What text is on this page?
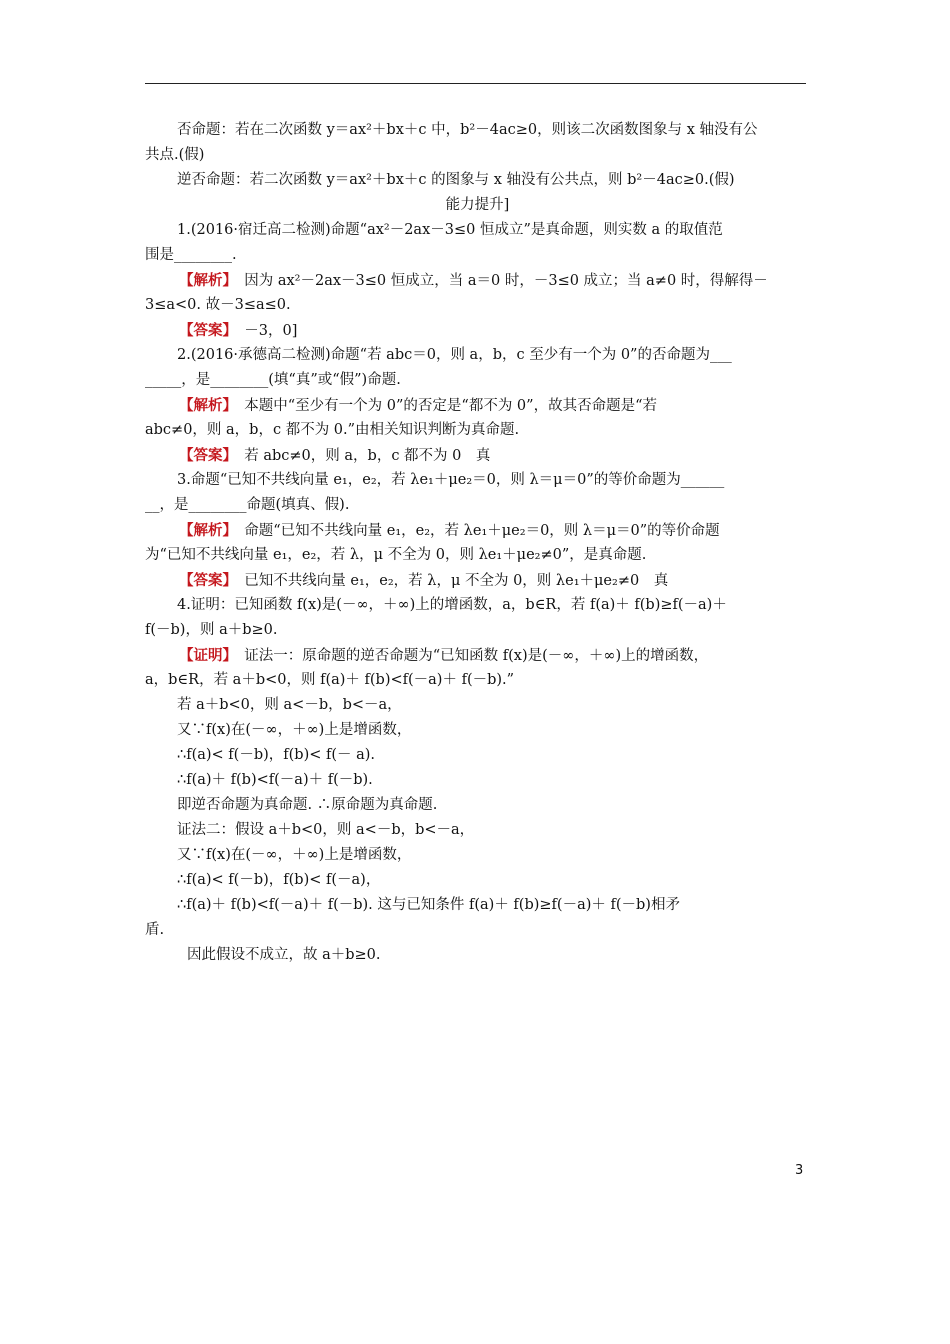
否命题：若在二次函数 y＝ax²＋bx＋c 中，b²－4ac≥0，则该二次函数图象与 x 轴没有公
共点.(假)
逆否命题：若二次函数 y＝ax²＋bx＋c 的图象与 x 轴没有公共点，则 b²－4ac≥0.(假)
能力提升]
1.(2016·宿迁高二检测)命题“ax²－2ax－3≤0 恒成立”是真命题，则实数 a 的取值范
围是________.
【解析】　 因为 ax²－2ax－3≤0 恒成立，当 a＝0 时，－3≤0 成立；当 a≠0 时，得解得－
3≤a<0. 故－3≤a≤0.
【答案】　 －3，0]
2.(2016·承德高二检测)命题“若 abc＝0，则 a，b，c 至少有一个为 0”的否命题为___
_____，是________(填“真”或“假”)命题.
【解析】　 本题中“至少有一个为 0”的否定是“都不为 0”，故其否命题是“若
abc≠0，则 a，b，c 都不为 0.”由相关知识判断为真命题.
【答案】　 若 abc≠0，则 a，b，c 都不为 0　真
3.命题“已知不共线向量 e₁，e₂，若 λe₁＋μe₂＝0，则 λ＝μ＝0”的等价命题为______
__，是________命题(填真、假).
【解析】　 命题“已知不共线向量 e₁，e₂，若 λe₁＋μe₂＝0，则 λ＝μ＝0”的等价命题
为“已知不共线向量 e₁，e₂，若 λ，μ 不全为 0，则 λe₁＋μe₂≠0”，是真命题.
【答案】　 已知不共线向量 e₁，e₂，若 λ，μ 不全为 0，则 λe₁＋μe₂≠0　真
4.证明：已知函数 f(x)是(－∞，＋∞)上的增函数，a，b∈R，若 f(a)＋ f(b)≥f(－a)＋
f(－b)，则 a＋b≥0.
【证明】　 证法一：原命题的逆否命题为“已知函数 f(x)是(－∞，＋∞)上的增函数，
a，b∈R，若 a＋b<0，则 f(a)＋ f(b)<f(－a)＋ f(－b).”
若 a＋b<0，则 a<－b，b<－a，
又∵f(x)在(－∞，＋∞)上是增函数，
∴f(a)< f(－b)，f(b)< f(－ a).
∴f(a)＋ f(b)<f(－a)＋ f(－b).
即逆否命题为真命题. ∴原命题为真命题.
证法二：假设 a＋b<0，则 a<－b，b<－a，
又∵f(x)在(－∞，＋∞)上是增函数，
∴f(a)< f(－b)，f(b)< f(－a)，
∴f(a)＋ f(b)<f(－a)＋ f(－b). 这与已知条件 f(a)＋ f(b)≥f(－a)＋ f(－b)相矛
盾.
因此假设不成立，故 a＋b≥0.
3
